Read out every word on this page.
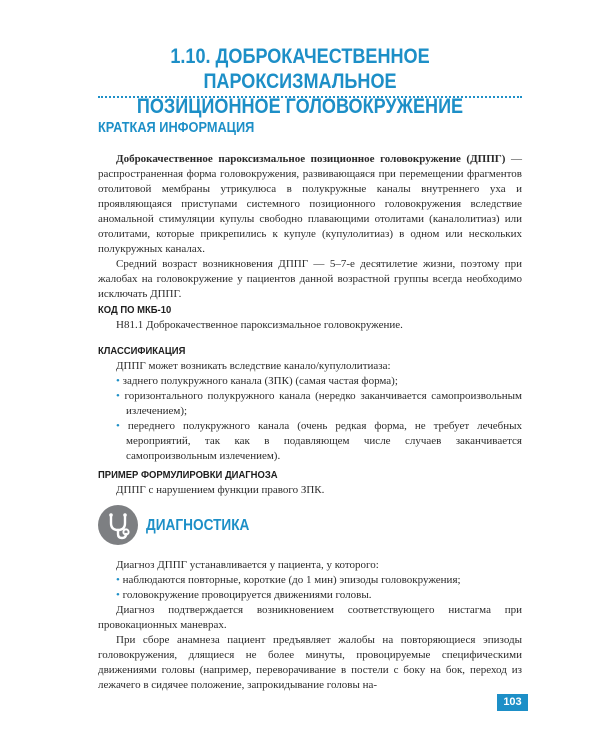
1.10. ДОБРОКАЧЕСТВЕННОЕ ПАРОКСИЗМАЛЬНОЕ
ПОЗИЦИОННОЕ ГОЛОВОКРУЖЕНИЕ
КРАТКАЯ ИНФОРМАЦИЯ

Доброкачественное пароксизмальное позиционное головокружение (ДППГ) — распространенная форма головокружения, развивающаяся при перемещении фрагментов отолитовой мембраны утрикулюса в полукружные каналы внутреннего уха и проявляющаяся приступами системного позиционного головокружения вследствие аномальной стимуляции купулы свободно плавающими отолитами (каналолитиаз) или отолитами, которые прикрепились к купуле (купулолитиаз) в одном или нескольких полукружных каналах.

Средний возраст возникновения ДППГ — 5–7-е десятилетие жизни, поэтому при жалобах на головокружение у пациентов данной возрастной группы всегда необходимо исключать ДППГ.

КОД ПО МКБ-10

H81.1 Доброкачественное пароксизмальное головокружение.

КЛАССИФИКАЦИЯ

ДППГ может возникать вследствие канало/купулолитиаза:

• заднего полукружного канала (ЗПК) (самая частая форма);

• горизонтального полукружного канала (нередко заканчивается самопроизвольным излечением);

• переднего полукружного канала (очень редкая форма, не требует лечебных мероприятий, так как в подавляющем числе случаев заканчивается самопроизвольным излечением).

ПРИМЕР ФОРМУЛИРОВКИ ДИАГНОЗА

ДППГ с нарушением функции правого ЗПК.

ДИАГНОСТИКА

Диагноз ДППГ устанавливается у пациента, у которого:

• наблюдаются повторные, короткие (до 1 мин) эпизоды головокружения;

• головокружение провоцируется движениями головы.

Диагноз подтверждается возникновением соответствующего нистагма при провокационных маневрах.

При сборе анамнеза пациент предъявляет жалобы на повторяющиеся эпизоды головокружения, длящиеся не более минуты, провоцируемые специфическими движениями головы (например, переворачивание в постели с боку на бок, переход из лежачего в сидячее положение, запрокидывание головы на-

103
